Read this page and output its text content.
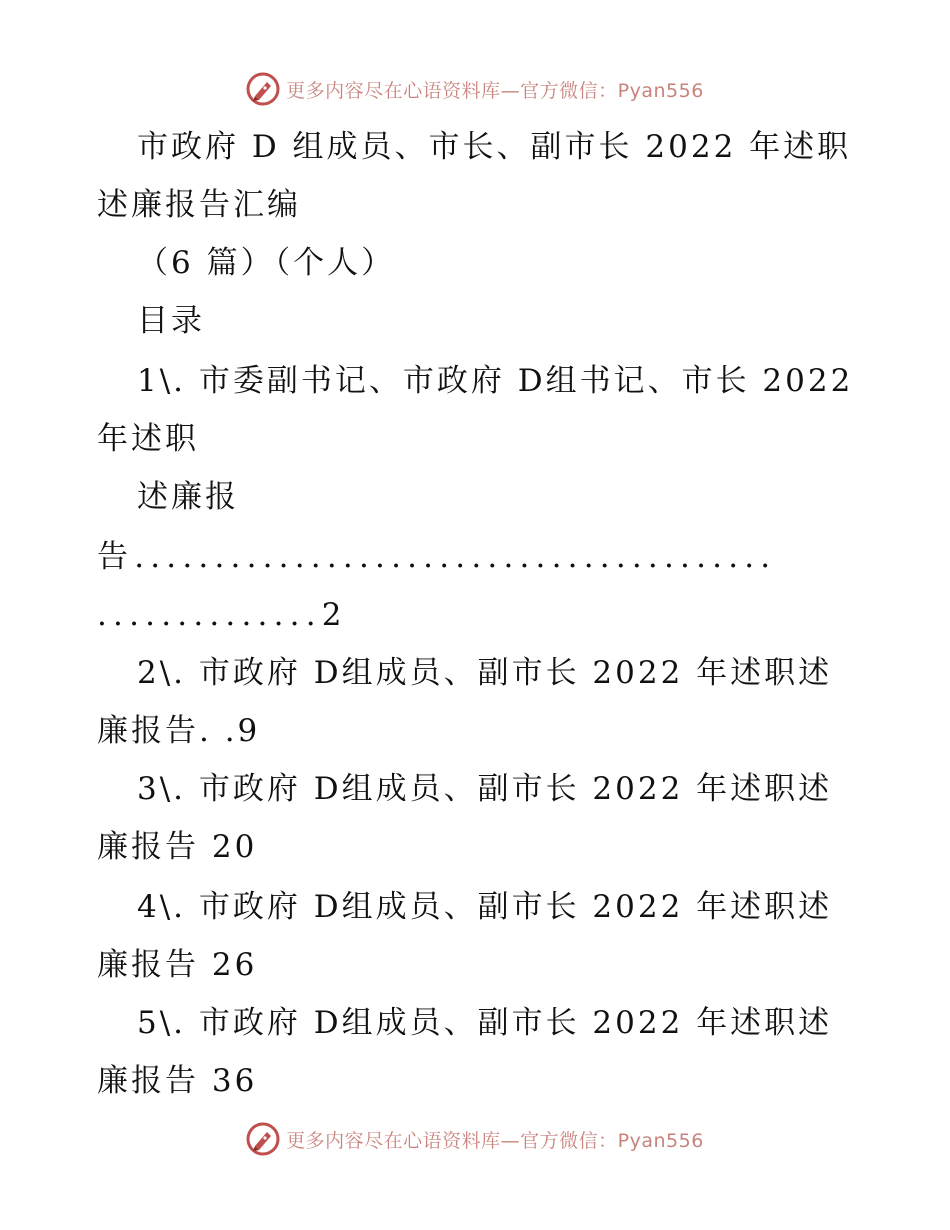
更多内容尽在心语资料库—官方微信：Pyan556
市政府 D 组成员、市长、副市长 2022 年述职
述廉报告汇编
（6 篇）（个人）
目录
1\. 市委副书记、市政府 D组书记、市长 2022
年述职
述廉报
告........................................
..............2
2\. 市政府 D组成员、副市长 2022 年述职述
廉报告. .9
3\. 市政府 D组成员、副市长 2022 年述职述
廉报告 20
4\. 市政府 D组成员、副市长 2022 年述职述
廉报告 26
5\. 市政府 D组成员、副市长 2022 年述职述
廉报告 36
更多内容尽在心语资料库—官方微信：Pyan556
